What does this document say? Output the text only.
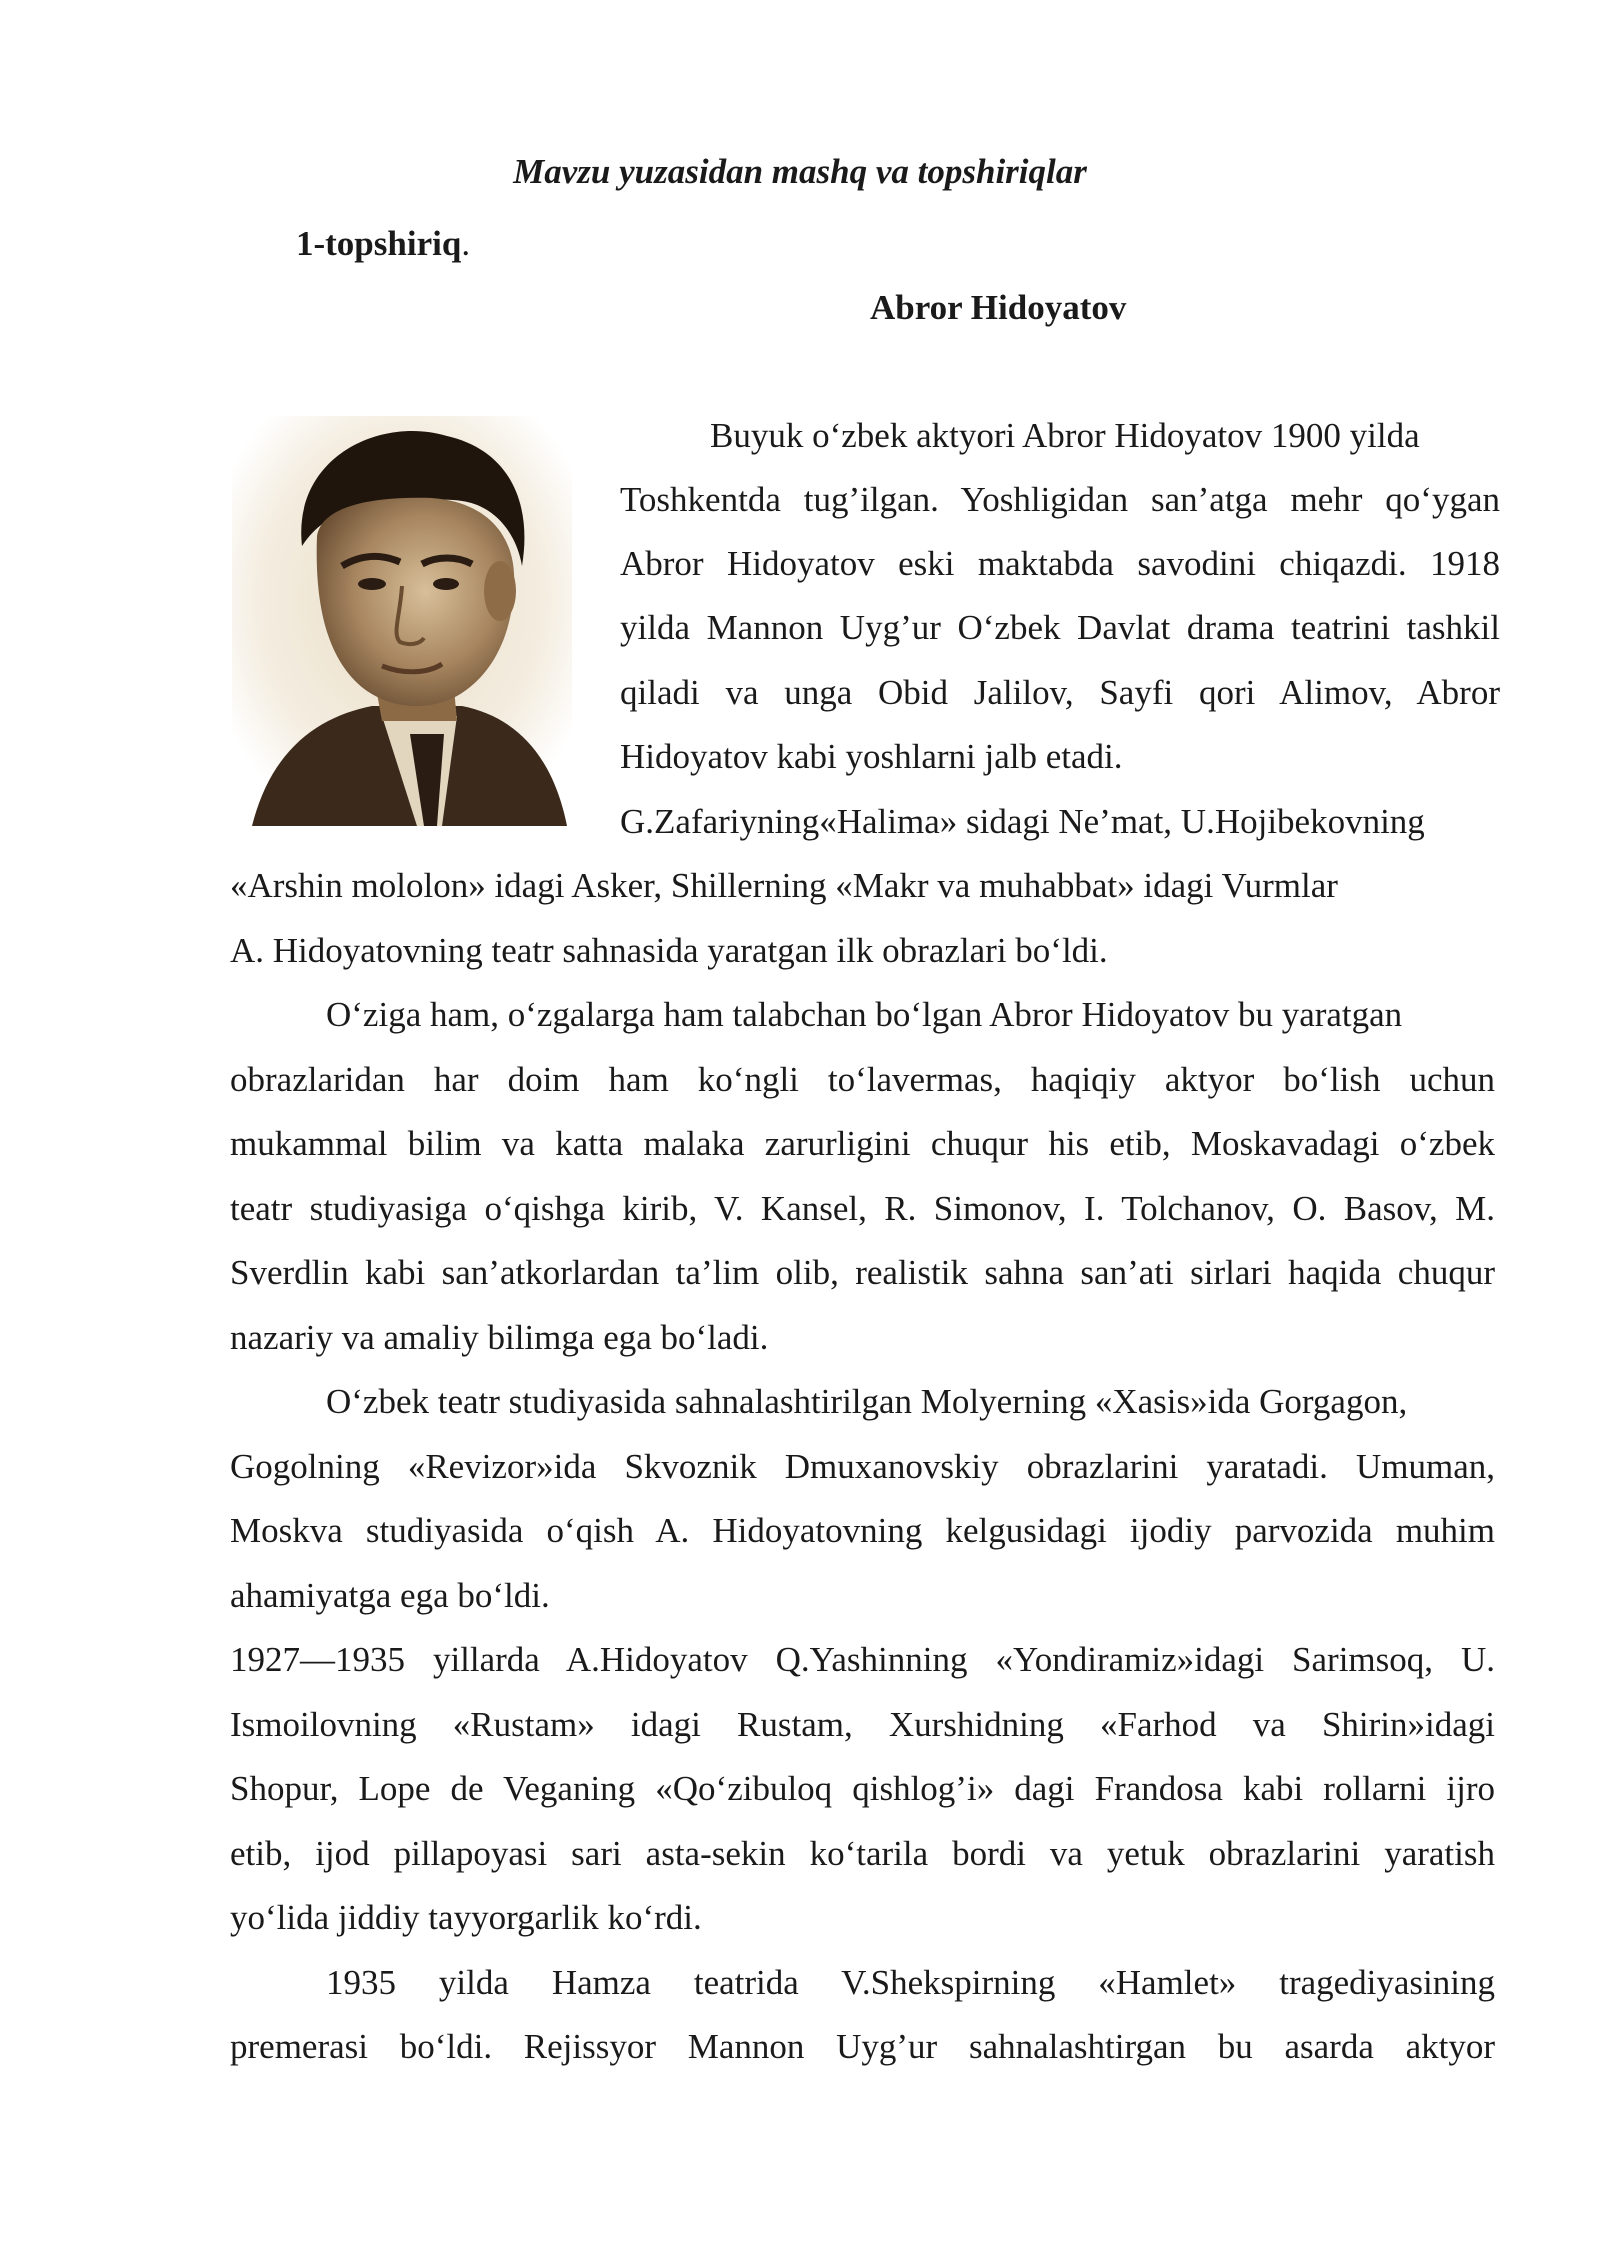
Mavzu yuzasidan mashq va topshiriqlar
1-topshiriq.
Abror Hidoyatov

Buyuk o‘zbek aktyori Abror Hidoyatov 1900 yilda

Toshkentda tug’ilgan. Yoshligidan san’atga mehr qo‘ygan

Abror Hidoyatov eski maktabda savodini chiqazdi. 1918

yilda Mannon Uyg’ur O‘zbek Davlat drama teatrini tashkil

qiladi va unga Obid Jalilov, Sayfi qori Alimov, Abror

Hidoyatov kabi yoshlarni jalb etadi.

G.Zafariyning«Halima» sidagi Ne’mat, U.Hojibekovning

«Arshin mololon» idagi Asker, Shillerning «Makr va muhabbat» idagi Vurmlar

A. Hidoyatovning teatr sahnasida yaratgan ilk obrazlari bo‘ldi.

O‘ziga ham, o‘zgalarga ham talabchan bo‘lgan Abror Hidoyatov bu yaratgan

obrazlaridan har doim ham ko‘ngli to‘lavermas, haqiqiy aktyor bo‘lish uchun

mukammal bilim va katta malaka zarurligini chuqur his etib, Moskavadagi o‘zbek

teatr studiyasiga o‘qishga kirib, V. Kansel, R. Simonov, I. Tolchanov, O. Basov, M.

Sverdlin kabi san’atkorlardan ta’lim olib, realistik sahna san’ati sirlari haqida chuqur

nazariy va amaliy bilimga ega bo‘ladi.

O‘zbek teatr studiyasida sahnalashtirilgan Molyerning «Xasis»ida Gorgagon,

Gogolning «Revizor»ida Skvoznik Dmuxanovskiy obrazlarini yaratadi. Umuman,

Moskva studiyasida o‘qish A. Hidoyatovning kelgusidagi ijodiy parvozida muhim

ahamiyatga ega bo‘ldi.

1927—1935 yillarda A.Hidoyatov Q.Yashinning «Yondiramiz»idagi Sarimsoq, U.

Ismoilovning «Rustam» idagi Rustam, Xurshidning «Farhod va Shirin»idagi

Shopur, Lope de Veganing «Qo‘zibuloq qishlog’i» dagi Frandosa kabi rollarni ijro

etib, ijod pillapoyasi sari asta-sekin ko‘tarila bordi va yetuk obrazlarini yaratish

yo‘lida jiddiy tayyorgarlik ko‘rdi.

1935 yilda Hamza teatrida V.Shekspirning «Hamlet» tragediyasining

premerasi bo‘ldi. Rejissyor Mannon Uyg’ur sahnalashtirgan bu asarda aktyor
